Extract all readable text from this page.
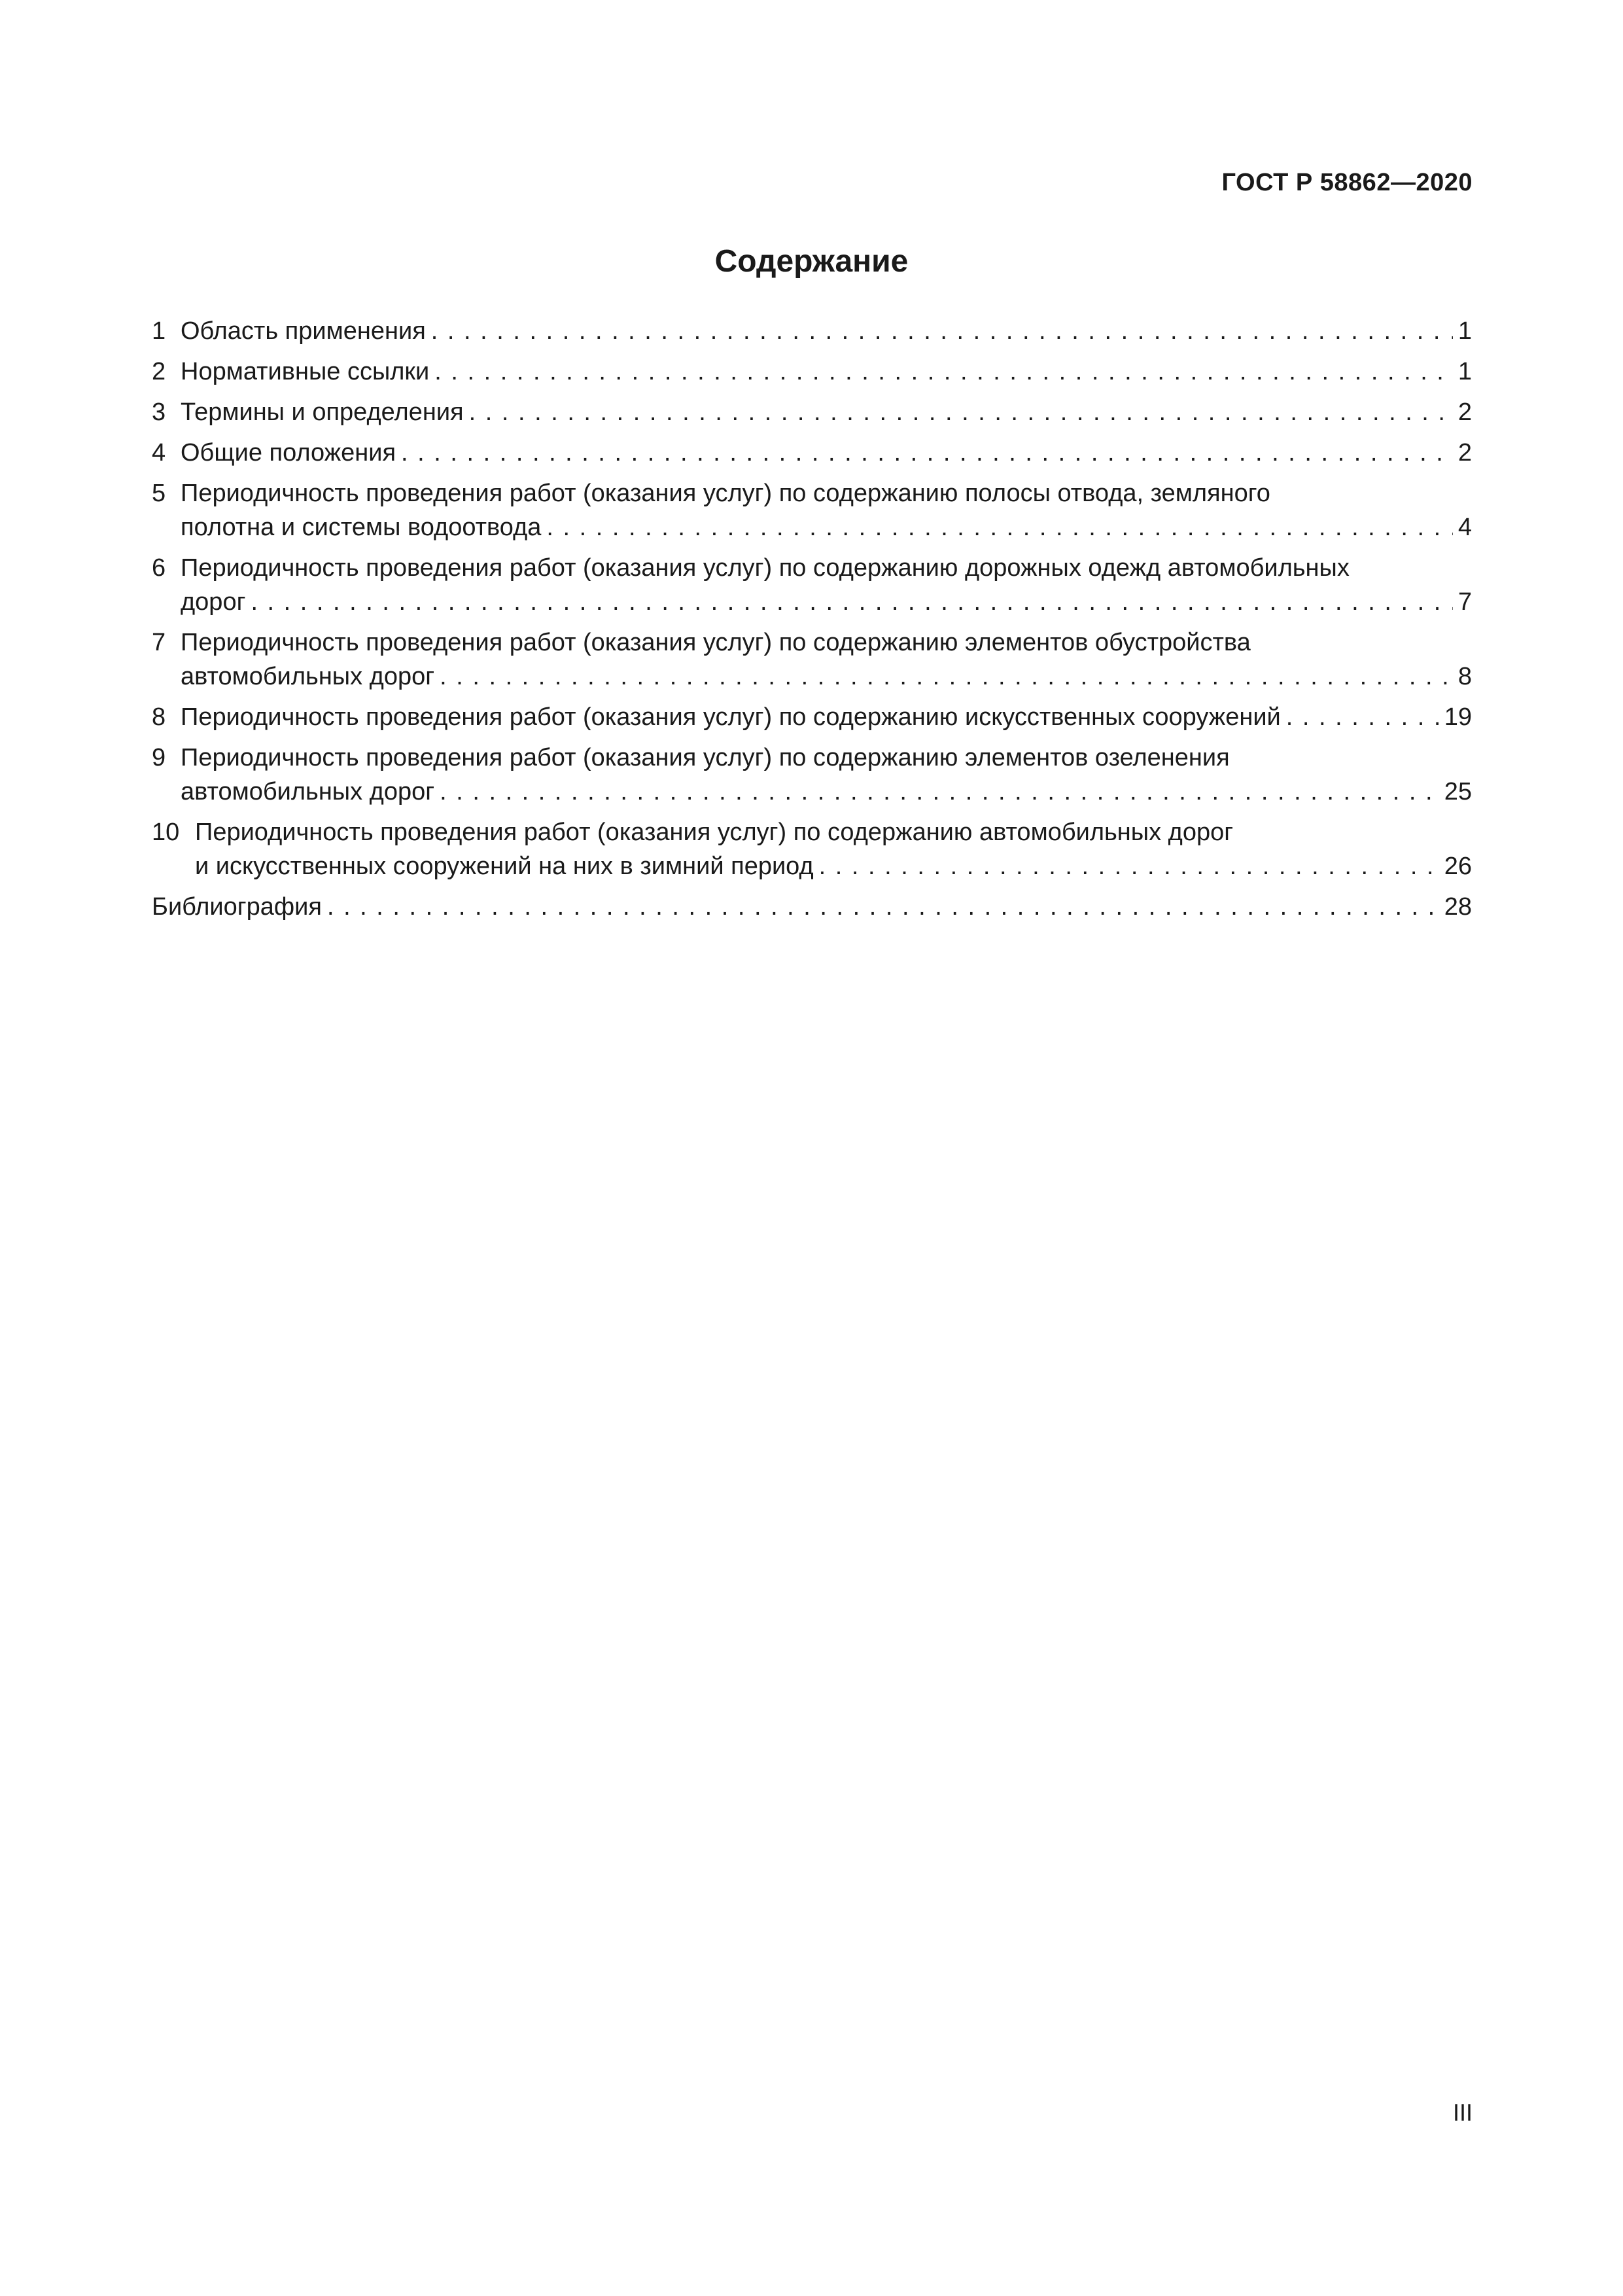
ГОСТ Р 58862—2020
Содержание
1 Область применения . . .	1
2 Нормативные ссылки . . .	1
3 Термины и определения . . .	2
4 Общие положения . . .	2
5 Периодичность проведения работ (оказания услуг) по содержанию полосы отвода, земляного
полотна и системы водоотвода . . .	4
6 Периодичность проведения работ (оказания услуг) по содержанию дорожных одежд автомобильных
дорог . . .	7
7 Периодичность проведения работ (оказания услуг) по содержанию элементов обустройства
автомобильных дорог . . .	8
8 Периодичность проведения работ (оказания услуг) по содержанию искусственных сооружений . . .	19
9 Периодичность проведения работ (оказания услуг) по содержанию элементов озеленения
автомобильных дорог . . .	25
10 Периодичность проведения работ (оказания услуг) по содержанию автомобильных дорог
и искусственных сооружений на них в зимний период . . .	26
Библиография . . .	28
III
